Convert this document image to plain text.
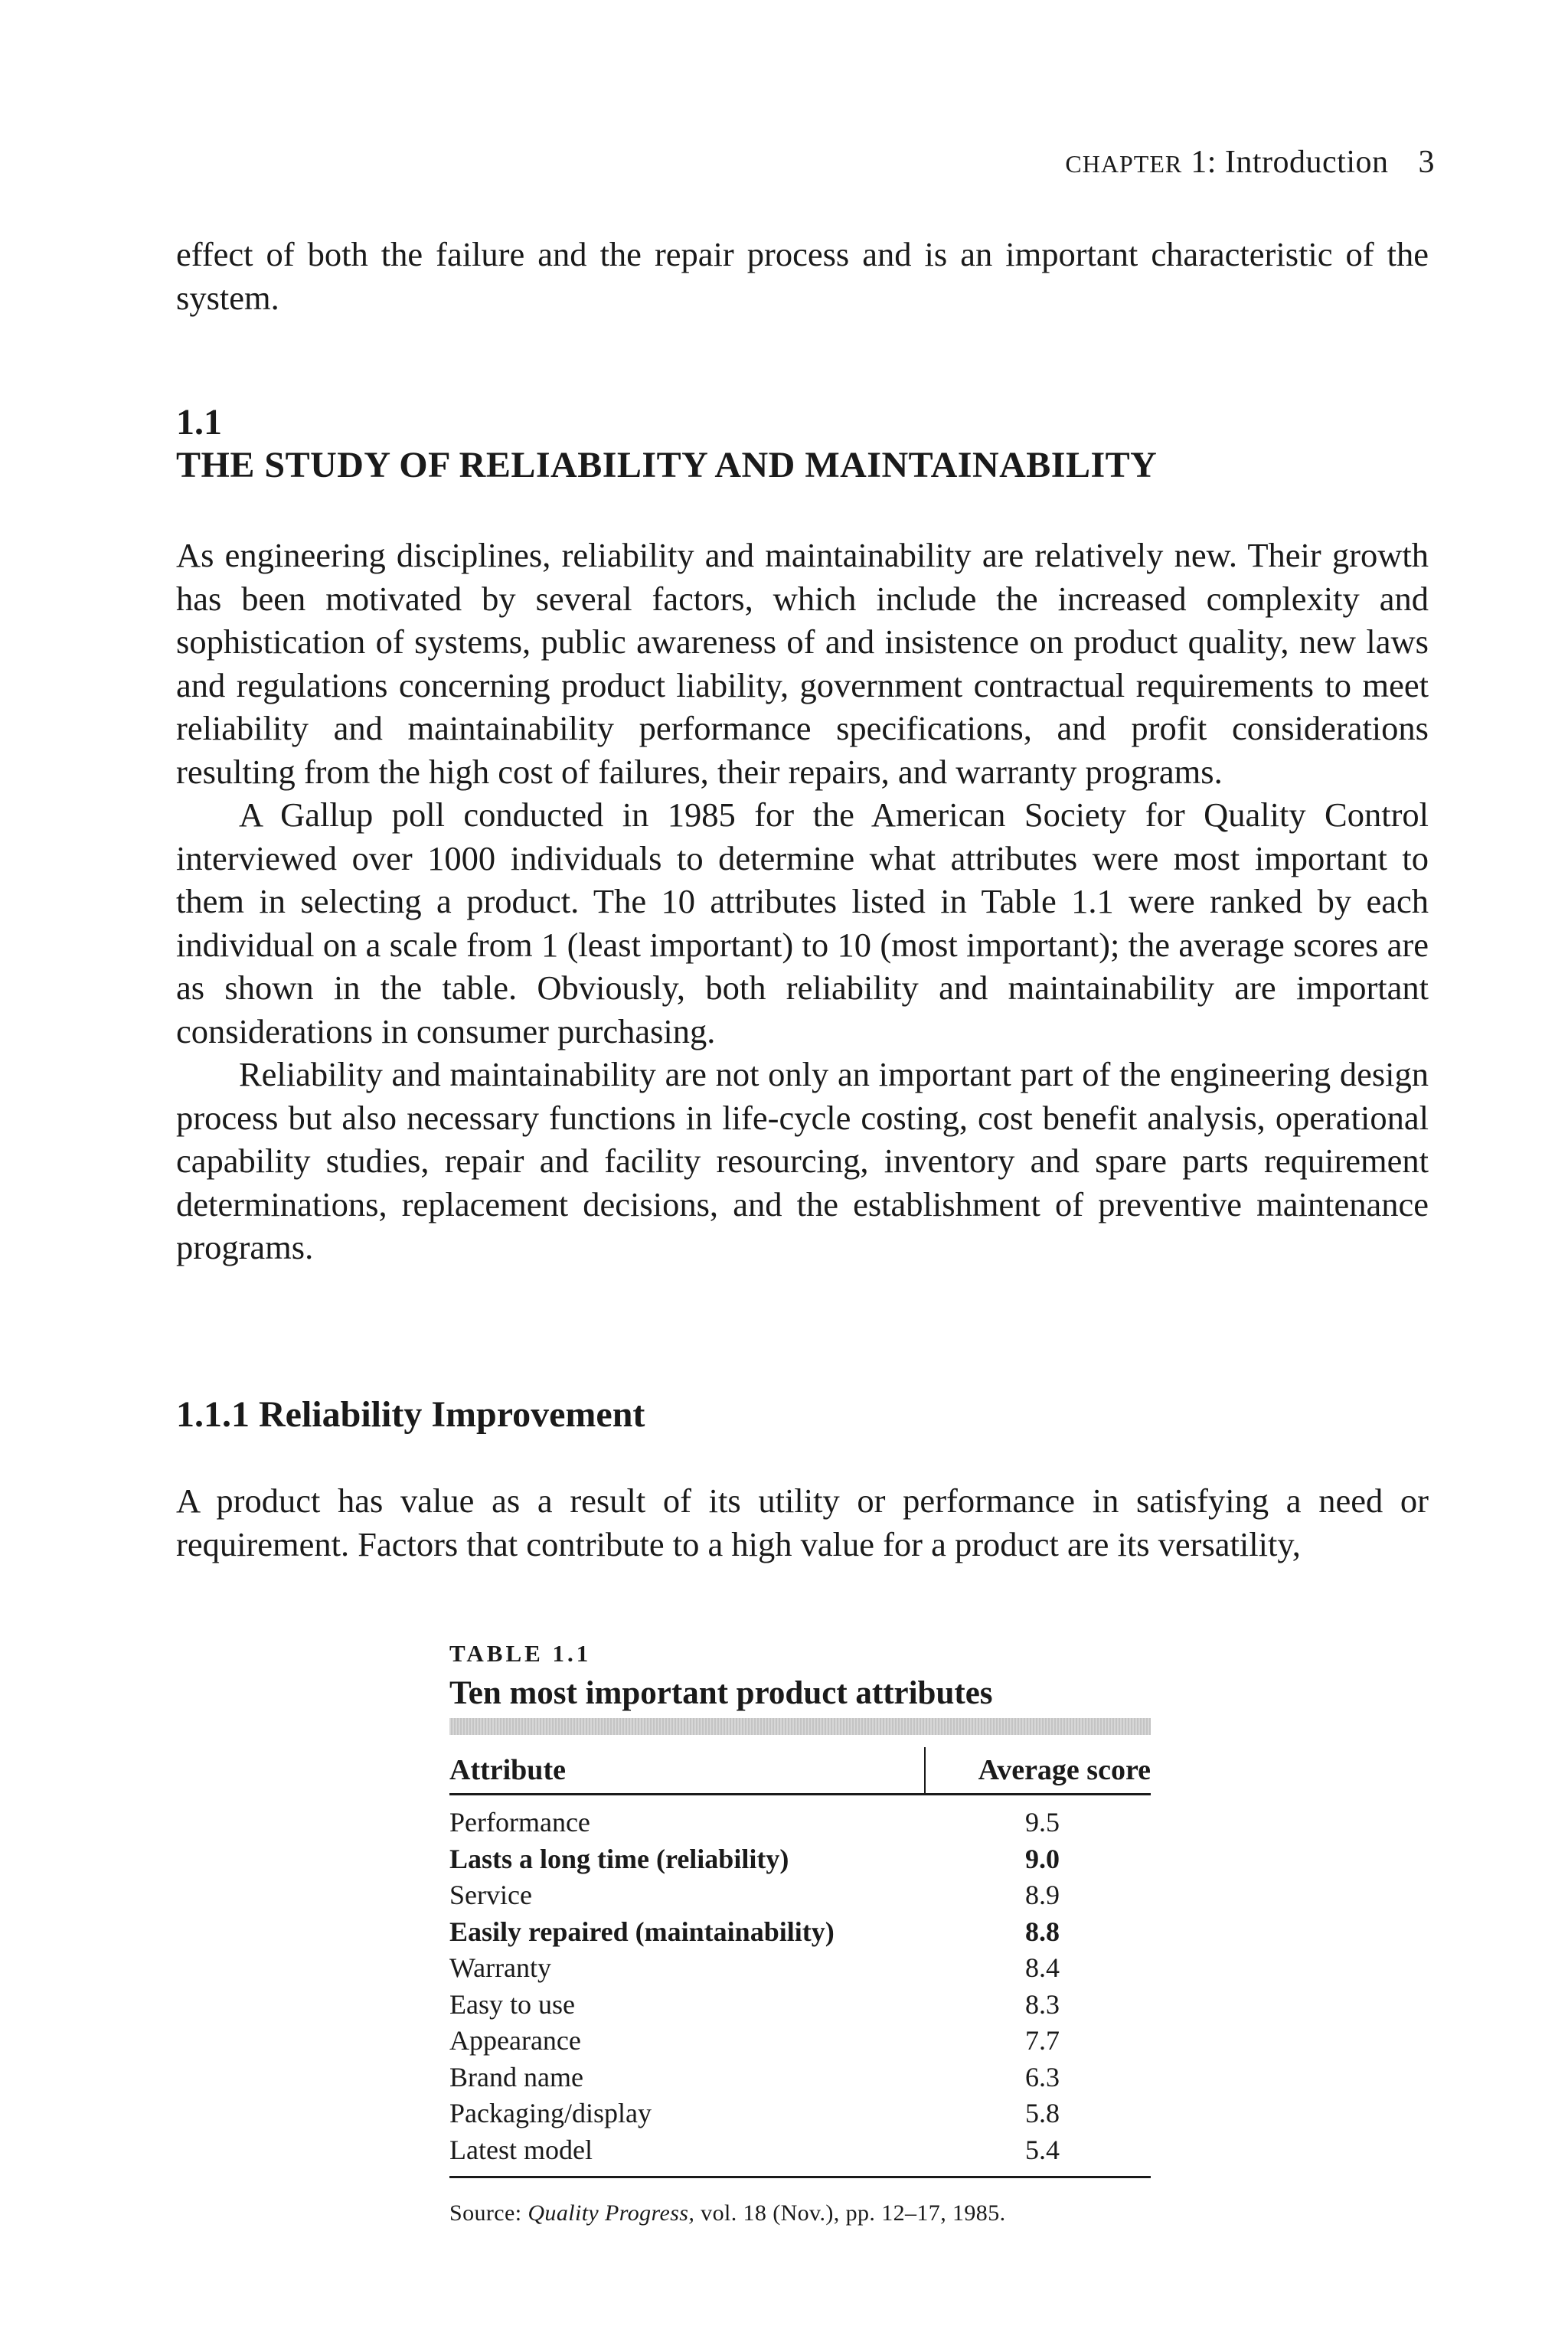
CHAPTER 1: Introduction 3

effect of both the failure and the repair process and is an important characteristic of the system.

1.1
THE STUDY OF RELIABILITY AND MAINTAINABILITY

As engineering disciplines, reliability and maintainability are relatively new. Their growth has been motivated by several factors, which include the increased complexity and sophistication of systems, public awareness of and insistence on product quality, new laws and regulations concerning product liability, government contractual requirements to meet reliability and maintainability performance specifications, and profit considerations resulting from the high cost of failures, their repairs, and warranty programs.

A Gallup poll conducted in 1985 for the American Society for Quality Control interviewed over 1000 individuals to determine what attributes were most important to them in selecting a product. The 10 attributes listed in Table 1.1 were ranked by each individual on a scale from 1 (least important) to 10 (most important); the average scores are as shown in the table. Obviously, both reliability and maintainability are important considerations in consumer purchasing.

Reliability and maintainability are not only an important part of the engineering design process but also necessary functions in life-cycle costing, cost benefit analysis, operational capability studies, repair and facility resourcing, inventory and spare parts requirement determinations, replacement decisions, and the establishment of preventive maintenance programs.

1.1.1 Reliability Improvement

A product has value as a result of its utility or performance in satisfying a need or requirement. Factors that contribute to a high value for a product are its versatility,

TABLE 1.1
Ten most important product attributes
Attribute	Average score
Performance	9.5
Lasts a long time (reliability)	9.0
Service	8.9
Easily repaired (maintainability)	8.8
Warranty	8.4
Easy to use	8.3
Appearance	7.7
Brand name	6.3
Packaging/display	5.8
Latest model	5.4
Source: Quality Progress, vol. 18 (Nov.), pp. 12–17, 1985.
